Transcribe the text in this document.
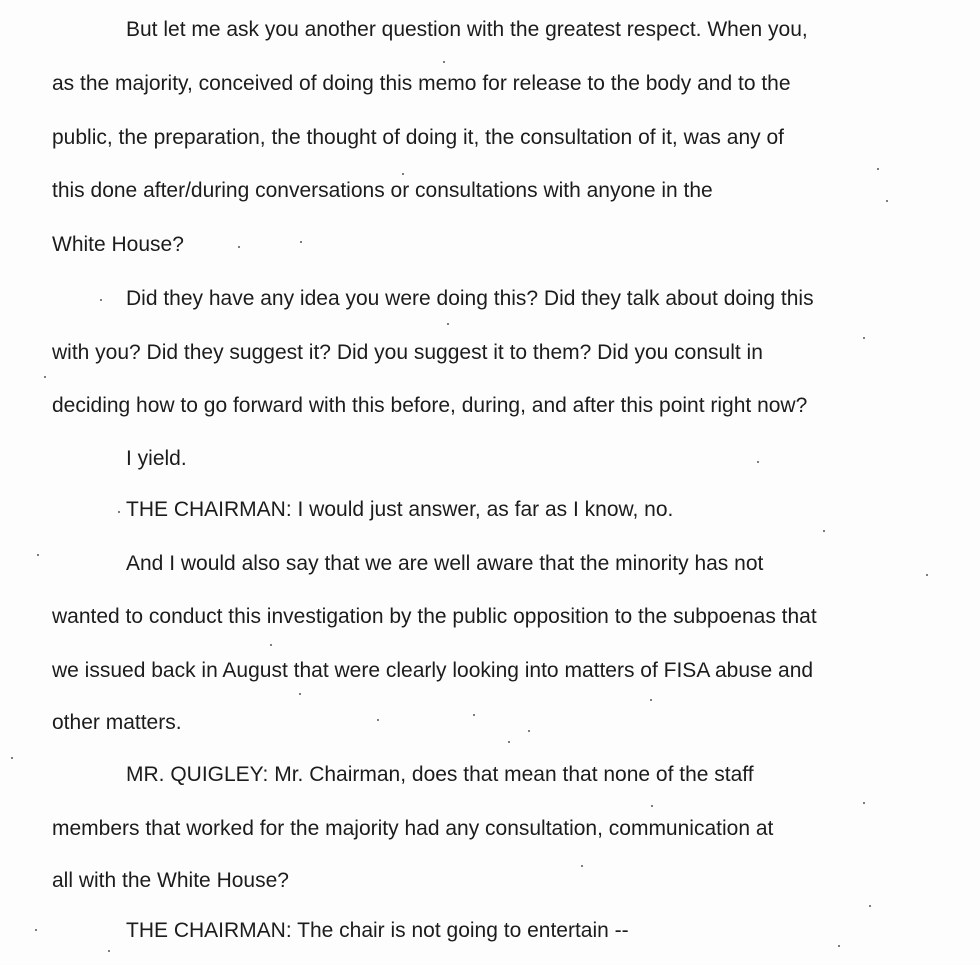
But let me ask you another question with the greatest respect. When you,
as the majority, conceived of doing this memo for release to the body and to the
public, the preparation, the thought of doing it, the consultation of it, was any of
this done after/during conversations or consultations with anyone in the
White House?
Did they have any idea you were doing this? Did they talk about doing this
with you? Did they suggest it? Did you suggest it to them? Did you consult in
deciding how to go forward with this before, during, and after this point right now?
I yield.
THE CHAIRMAN: I would just answer, as far as I know, no.
And I would also say that we are well aware that the minority has not
wanted to conduct this investigation by the public opposition to the subpoenas that
we issued back in August that were clearly looking into matters of FISA abuse and
other matters.
MR. QUIGLEY: Mr. Chairman, does that mean that none of the staff
members that worked for the majority had any consultation, communication at
all with the White House?
THE CHAIRMAN: The chair is not going to entertain --
